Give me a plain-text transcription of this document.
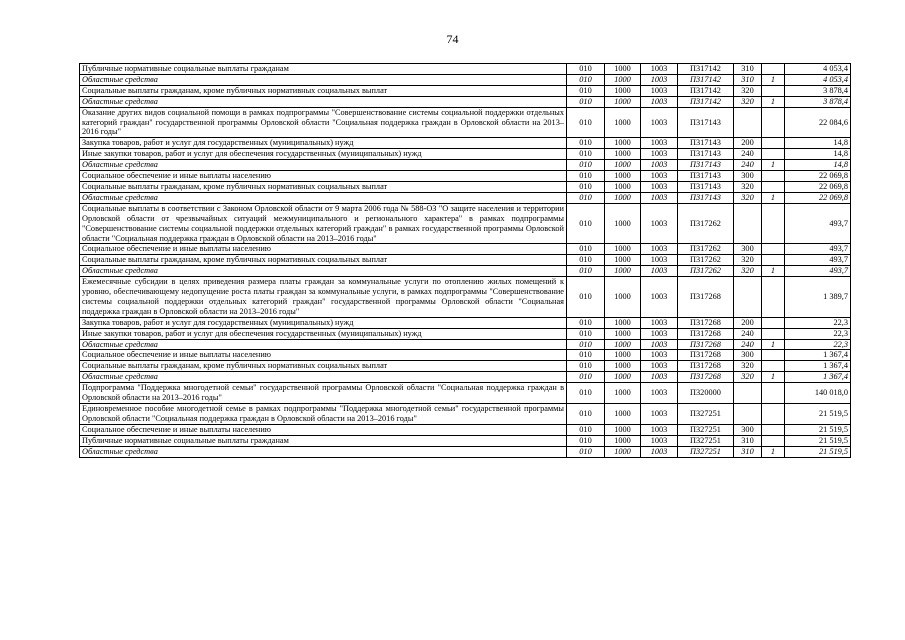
74
Публичные нормативные социальные выплаты гражданам	010	1000	1003	П317142	310		4 053,4
Областные средства	010	1000	1003	П317142	310	1	4 053,4
Социальные выплаты гражданам, кроме публичных нормативных социальных выплат	010	1000	1003	П317142	320		3 878,4
Областные средства	010	1000	1003	П317142	320	1	3 878,4
Оказание других видов социальной помощи в рамках подпрограммы "Совершенствование системы социальной поддержки отдельных категорий граждан" государственной программы Орловской области "Социальная поддержка граждан в Орловской области на 2013–2016 годы"	010	1000	1003	П317143			22 084,6
Закупка товаров, работ и услуг для государственных (муниципальных) нужд	010	1000	1003	П317143	200		14,8
Иные закупки товаров, работ и услуг для обеспечения государственных (муниципальных) нужд	010	1000	1003	П317143	240		14,8
Областные средства	010	1000	1003	П317143	240	1	14,8
Социальное обеспечение и иные выплаты населению	010	1000	1003	П317143	300		22 069,8
Социальные выплаты гражданам, кроме публичных нормативных социальных выплат	010	1000	1003	П317143	320		22 069,8
Областные средства	010	1000	1003	П317143	320	1	22 069,8
Социальные выплаты в соответствии с Законом Орловской области от 9 марта 2006 года № 588-ОЗ "О защите населения и территории Орловской области от чрезвычайных ситуаций межмуниципального и регионального характера" в рамках подпрограммы "Совершенствование системы социальной поддержки отдельных категорий граждан" в рамках государственной программы Орловской области "Социальная поддержка граждан в Орловской области на 2013–2016 годы"	010	1000	1003	П317262			493,7
Социальное обеспечение и иные выплаты населению	010	1000	1003	П317262	300		493,7
Социальные выплаты гражданам, кроме публичных нормативных социальных выплат	010	1000	1003	П317262	320		493,7
Областные средства	010	1000	1003	П317262	320	1	493,7
Ежемесячные субсидии в целях приведения размера платы граждан за коммунальные услуги по отоплению жилых помещений к уровню, обеспечивающему недопущение роста платы граждан за коммунальные услуги, в рамках подпрограммы "Совершенствование системы социальной поддержки отдельных категорий граждан" государственной программы Орловской области "Социальная поддержка граждан в Орловской области на 2013–2016 годы"	010	1000	1003	П317268			1 389,7
Закупка товаров, работ и услуг для государственных (муниципальных) нужд	010	1000	1003	П317268	200		22,3
Иные закупки товаров, работ и услуг для обеспечения государственных (муниципальных) нужд	010	1000	1003	П317268	240		22,3
Областные средства	010	1000	1003	П317268	240	1	22,3
Социальное обеспечение и иные выплаты населению	010	1000	1003	П317268	300		1 367,4
Социальные выплаты гражданам, кроме публичных нормативных социальных выплат	010	1000	1003	П317268	320		1 367,4
Областные средства	010	1000	1003	П317268	320	1	1 367,4
Подпрограмма "Поддержка многодетной семьи" государственной программы Орловской области "Социальная поддержка граждан в Орловской области на 2013–2016 годы"	010	1000	1003	П320000			140 018,0
Единовременное пособие многодетной семье в рамках подпрограммы "Поддержка многодетной семьи" государственной программы Орловской области "Социальная поддержка граждан в Орловской области на 2013–2016 годы"	010	1000	1003	П327251			21 519,5
Социальное обеспечение и иные выплаты населению	010	1000	1003	П327251	300		21 519,5
Публичные нормативные социальные выплаты гражданам	010	1000	1003	П327251	310		21 519,5
Областные средства	010	1000	1003	П327251	310	1	21 519,5
